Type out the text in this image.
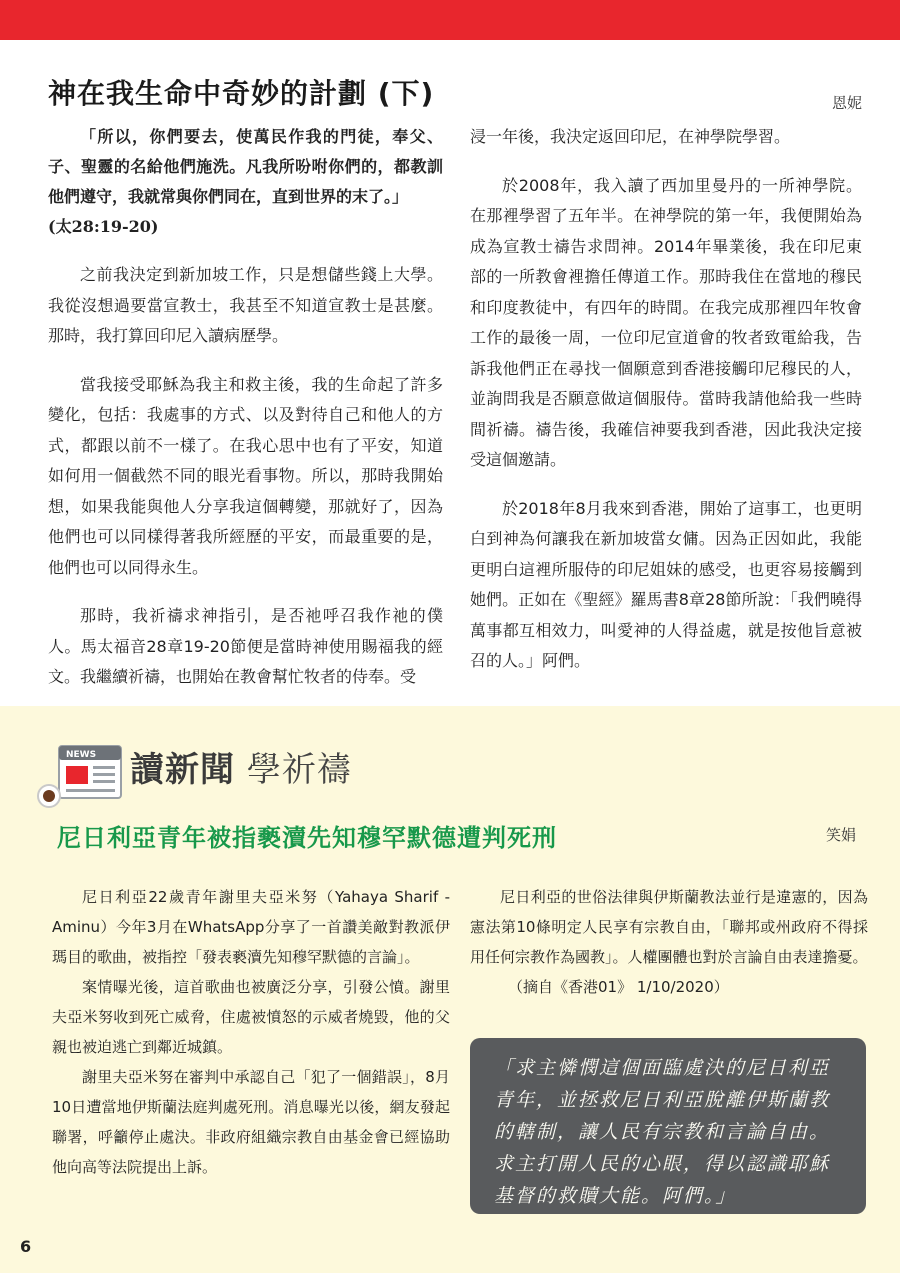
神在我生命中奇妙的計劃 (下)	恩妮

「所以，你們要去，使萬民作我的門徒，奉父、子、聖靈的名給他們施洗。凡我所吩咐你們的，都教訓他們遵守，我就常與你們同在，直到世界的末了。」

(太28:19-20)

之前我決定到新加坡工作，只是想儲些錢上大學。我從沒想過要當宣教士，我甚至不知道宣教士是甚麼。那時，我打算回印尼入讀病歷學。

當我接受耶穌為我主和救主後，我的生命起了許多變化，包括：我處事的方式、以及對待自己和他人的方式，都跟以前不一樣了。在我心思中也有了平安，知道如何用一個截然不同的眼光看事物。所以，那時我開始想，如果我能與他人分享我這個轉變，那就好了，因為他們也可以同樣得著我所經歷的平安，而最重要的是，他們也可以同得永生。

那時，我祈禱求神指引，是否祂呼召我作祂的僕人。馬太福音28章19-20節便是當時神使用賜福我的經文。我繼續祈禱，也開始在教會幫忙牧者的侍奉。受

浸一年後，我決定返回印尼，在神學院學習。

於2008年，我入讀了西加里曼丹的一所神學院。在那裡學習了五年半。在神學院的第一年，我便開始為成為宣教士禱告求問神。2014年畢業後，我在印尼東部的一所教會裡擔任傳道工作。那時我住在當地的穆民和印度教徒中，有四年的時間。在我完成那裡四年牧會工作的最後一周，一位印尼宣道會的牧者致電給我，告訴我他們正在尋找一個願意到香港接觸印尼穆民的人，並詢問我是否願意做這個服侍。當時我請他給我一些時間祈禱。禱告後，我確信神要我到香港，因此我決定接受這個邀請。

於2018年8月我來到香港，開始了這事工，也更明白到神為何讓我在新加坡當女傭。因為正因如此，我能更明白這裡所服侍的印尼姐妹的感受，也更容易接觸到她們。正如在《聖經》羅馬書8章28節所說：「我們曉得萬事都互相效力，叫愛神的人得益處，就是按他旨意被召的人。」阿們。

NEWS 讀新聞 學祈禱
尼日利亞青年被指褻瀆先知穆罕默德遭判死刑	笑娟

尼日利亞22歲青年謝里夫亞米努（Yahaya Sharif - Aminu）今年3月在WhatsApp分享了一首讚美敵對教派伊瑪目的歌曲，被指控「發表褻瀆先知穆罕默德的言論」。

案情曝光後，這首歌曲也被廣泛分享，引發公憤。謝里夫亞米努收到死亡威脅，住處被憤怒的示威者燒毀，他的父親也被迫逃亡到鄰近城鎮。

謝里夫亞米努在審判中承認自己「犯了一個錯誤」，8月10日遭當地伊斯蘭法庭判處死刑。消息曝光以後，網友發起聯署，呼籲停止處決。非政府組織宗教自由基金會已經協助他向高等法院提出上訴。

尼日利亞的世俗法律與伊斯蘭教法並行是違憲的，因為憲法第10條明定人民享有宗教自由，「聯邦或州政府不得採用任何宗教作為國教」。人權團體也對於言論自由表達擔憂。

（摘自《香港01》 1/10/2020）

「求主憐憫這個面臨處決的尼日利亞青年，並拯救尼日利亞脫離伊斯蘭教的轄制，讓人民有宗教和言論自由。求主打開人民的心眼，得以認識耶穌基督的救贖大能。阿們。」
6
